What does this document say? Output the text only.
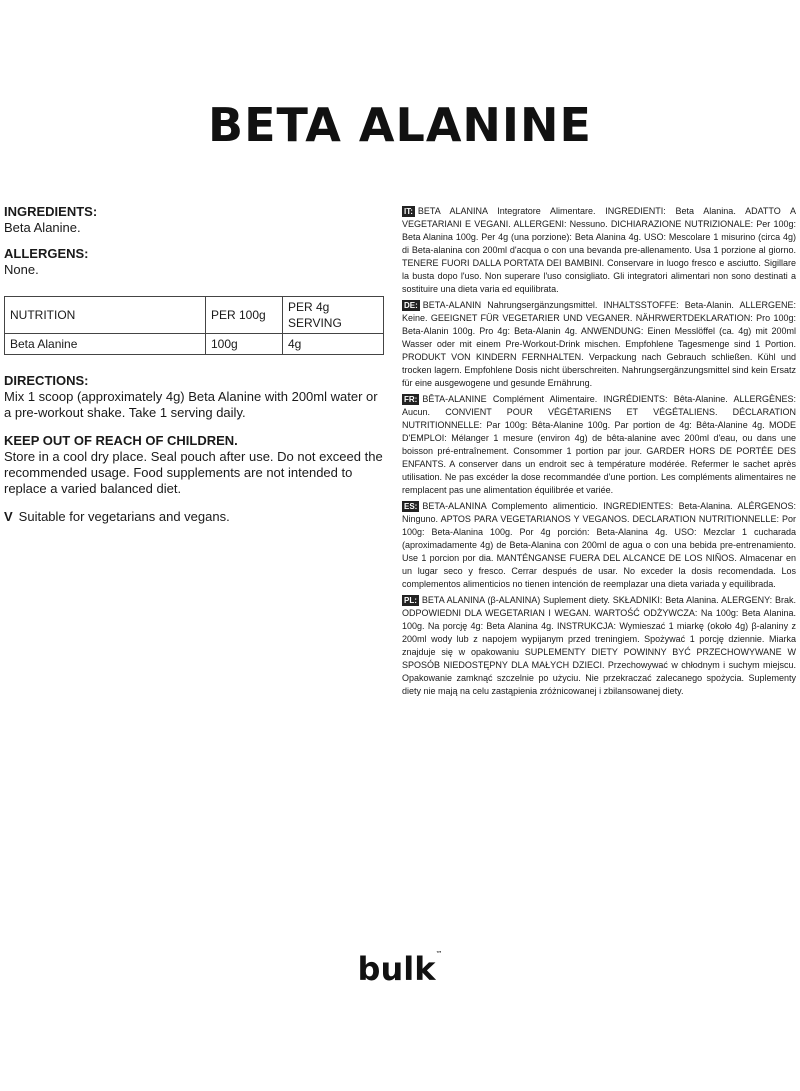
BETA ALANINE
INGREDIENTS:

Beta Alanine.

ALLERGENS:

None.

NUTRITION	PER 100g	PER 4g SERVING
Beta Alanine	100g	4g
DIRECTIONS:

Mix 1 scoop (approximately 4g) Beta Alanine with 200ml water or a pre-workout shake. Take 1 serving daily.

KEEP OUT OF REACH OF CHILDREN.

Store in a cool dry place. Seal pouch after use. Do not exceed the recommended usage. Food supplements are not intended to replace a varied balanced diet.

V Suitable for vegetarians and vegans.
IT: BETA ALANINA Integratore Alimentare. INGREDIENTI: Beta Alanina. ADATTO A VEGETARIANI E VEGANI. ALLERGENI: Nessuno. DICHIARAZIONE NUTRIZIONALE: Per 100g: Beta Alanina 100g. Per 4g (una porzione): Beta Alanina 4g. USO: Mescolare 1 misurino (circa 4g) di Beta-alanina con 200ml d'acqua o con una bevanda pre-allenamento. Usa 1 porzione al giorno. TENERE FUORI DALLA PORTATA DEI BAMBINI. Conservare in luogo fresco e asciutto. Sigillare la busta dopo l'uso. Non superare l'uso consigliato. Gli integratori alimentari non sono destinati a sostituire una dieta varia ed equilibrata.
DE: BETA-ALANIN Nahrungsergänzungsmittel. INHALTSSTOFFE: Beta-Alanin. ALLERGENE: Keine. GEEIGNET FÜR VEGETARIER UND VEGANER. NÄHRWERTDEKLARATION: Pro 100g: Beta-Alanin 100g. Pro 4g: Beta-Alanin 4g. ANWENDUNG: Einen Messlöffel (ca. 4g) mit 200ml Wasser oder mit einem Pre-Workout-Drink mischen. Empfohlene Tagesmenge sind 1 Portion. PRODUKT VON KINDERN FERNHALTEN. Verpackung nach Gebrauch schließen. Kühl und trocken lagern. Empfohlene Dosis nicht überschreiten. Nahrungsergänzungsmittel sind kein Ersatz für eine ausgewogene und gesunde Ernährung.
FR: BÊTA-ALANINE Complément Alimentaire. INGRÉDIENTS: Bêta-Alanine. ALLERGÈNES: Aucun. CONVIENT POUR VÉGÉTARIENS ET VÉGÉTALIENS. DÉCLARATION NUTRITIONNELLE: Par 100g: Bêta-Alanine 100g. Par portion de 4g: Bêta-Alanine 4g. MODE D'EMPLOI: Mélanger 1 mesure (environ 4g) de bêta-alanine avec 200ml d'eau, ou dans une boisson pré-entraînement. Consommer 1 portion par jour. GARDER HORS DE PORTÉE DES ENFANTS. A conserver dans un endroit sec à température modérée. Refermer le sachet après utilisation. Ne pas excéder la dose recommandée d'une portion. Les compléments alimentaires ne remplacent pas une alimentation équilibrée et variée.
ES: BETA-ALANINA Complemento alimenticio. INGREDIENTES: Beta-Alanina. ALÉRGENOS: Ninguno. APTOS PARA VEGETARIANOS Y VEGANOS. DECLARATION NUTRITIONNELLE: Por 100g: Beta-Alanina 100g. Por 4g porción: Beta-Alanina 4g. USO: Mezclar 1 cucharada (aproximadamente 4g) de Beta-Alanina con 200ml de agua o con una bebida pre-entrenamiento. Use 1 porcion por dia. MANTÉNGANSE FUERA DEL ALCANCE DE LOS NIÑOS. Almacenar en un lugar seco y fresco. Cerrar después de usar. No exceder la dosis recomendada. Los complementos alimenticios no tienen intención de reemplazar una dieta variada y equilibrada.
PL: BETA ALANINA (β-ALANINA) Suplement diety. SKŁADNIKI: Beta Alanina. ALERGENY: Brak. ODPOWIEDNI DLA WEGETARIAN I WEGAN. WARTOŚĆ ODŻYWCZA: Na 100g: Beta Alanina. 100g. Na porcję 4g: Beta Alanina 4g. INSTRUKCJA: Wymieszać 1 miarkę (około 4g) β-alaniny z 200ml wody lub z napojem wypijanym przed treningiem. Spożywać 1 porcję dziennie. Miarka znajduje się w opakowaniu SUPLEMENTY DIETY POWINNY BYĆ PRZECHOWYWANE W SPOSÓB NIEDOSTĘPNY DLA MAŁYCH DZIECI. Przechowywać w chłodnym i suchym miejscu. Opakowanie zamknąć szczelnie po użyciu. Nie przekraczać zalecanego spożycia. Suplementy diety nie mają na celu zastąpienia zróżnicowanej i zbilansowanej diety.
bulk™
